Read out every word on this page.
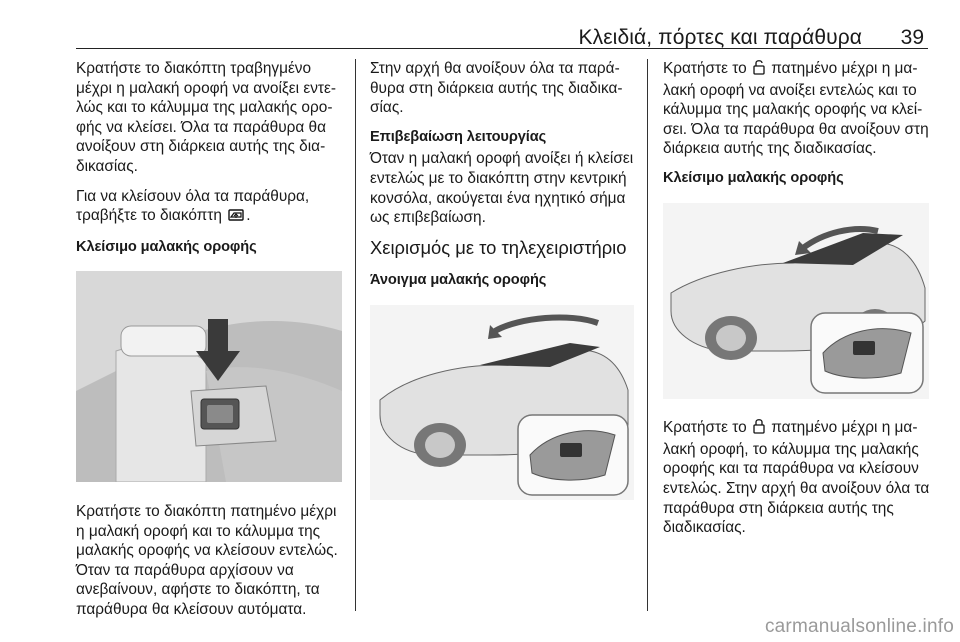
Κλειδιά, πόρτες και παράθυρα 39

Κρατήστε το διακόπτη τραβηγμένο μέχρι η μαλακή οροφή να ανοίξει εντελώς και το κάλυμμα της μαλακής οροφής να κλείσει. Όλα τα παράθυρα θα ανοίξουν στη διάρκεια αυτής της διαδικασίας.

Για να κλείσουν όλα τα παράθυρα, τραβήξτε το διακόπτη .

Κλείσιμο μαλακής οροφής

Κρατήστε το διακόπτη πατημένο μέχρι η μαλακή οροφή και το κάλυμμα της μαλακής οροφής να κλείσουν εντελώς. Όταν τα παράθυρα αρχίσουν να ανεβαίνουν, αφήστε το διακόπτη, τα παράθυρα θα κλείσουν αυτόματα.

Στην αρχή θα ανοίξουν όλα τα παράθυρα στη διάρκεια αυτής της διαδικασίας.

Επιβεβαίωση λειτουργίας

Όταν η μαλακή οροφή ανοίξει ή κλείσει εντελώς με το διακόπτη στην κεντρική κονσόλα, ακούγεται ένα ηχητικό σήμα ως επιβεβαίωση.

Χειρισμός με το τηλεχειριστήριο

Άνοιγμα μαλακής οροφής

Κρατήστε το πατημένο μέχρι η μαλακή οροφή να ανοίξει εντελώς και το κάλυμμα της μαλακής οροφής να κλείσει. Όλα τα παράθυρα θα ανοίξουν στη διάρκεια αυτής της διαδικασίας.

Κλείσιμο μαλακής οροφής

Κρατήστε το πατημένο μέχρι η μαλακή οροφή, το κάλυμμα της μαλακής οροφής και τα παράθυρα να κλείσουν εντελώς. Στην αρχή θα ανοίξουν όλα τα παράθυρα στη διάρκεια αυτής της διαδικασίας.

carmanualsonline.info
